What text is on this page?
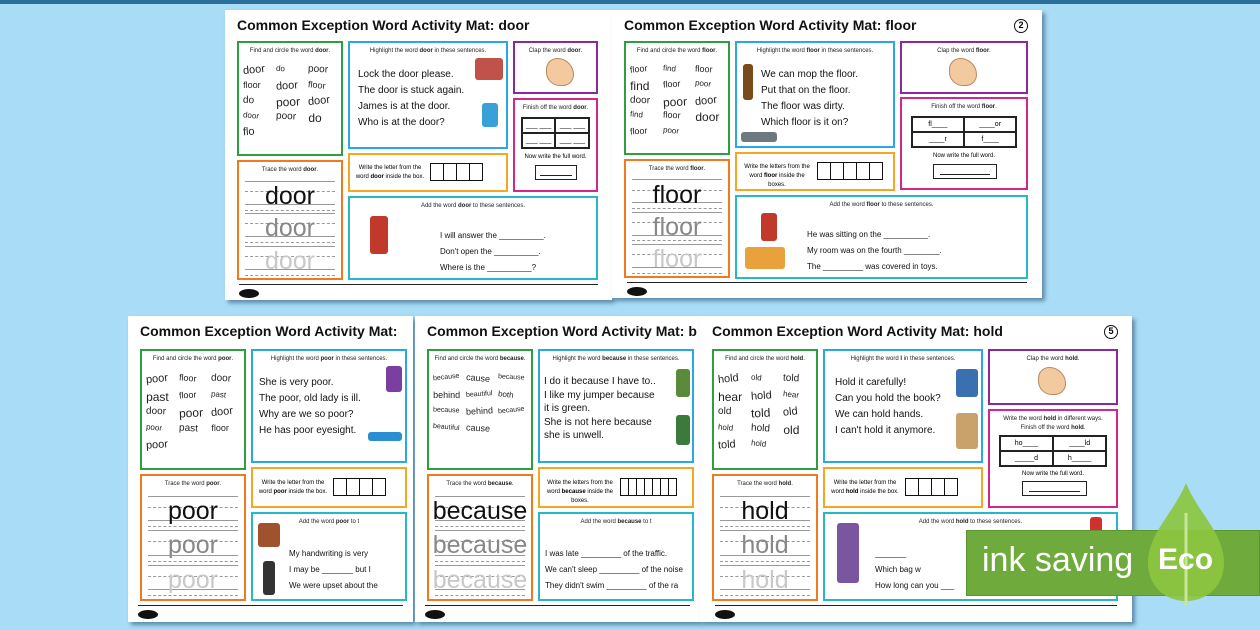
Common Exception Word Activity Mat: door
Find and circle the word door.
door do poor
floor door floor
do poor door
door poor do
flo
Highlight the word door in these sentences.
Lock the door please.
The door is stuck again.
James is at the door.
Who is at the door?
Clap the word door.
___ ___	___ ___
___ ___	___ ___
Finish off the word door.
Now write the full word.
Trace the word door.
door
door
door
Write the letter from the word door inside the box.
Add the word door to these sentences.
I will answer the __________.
Don't open the __________.
Where is the __________?
Common Exception Word Activity Mat: floor	2
Find and circle the word floor.
floor find floor
find floor poor
door poor door
find floor door
floor poor
Highlight the word floor in these sentences.
We can mop the floor.
Put that on the floor.
The floor was dirty.
Which floor is it on?
Clap the word floor.
fl____	____or
____r	f____
Finish off the word floor.
Now write the full word.
Trace the word floor.
floor
floor
floor
Write the letters from the word floor inside the boxes.
Add the word floor to these sentences.
He was sitting on the __________.
My room was on the fourth ________.
The _________ was covered in toys.
Common Exception Word Activity Mat:
Find and circle the word poor.
poor floor door
past floor past
door poor door
poor past floor
poor
Highlight the word poor in these sentences.
She is very poor.
The poor, old lady is ill.
Why are we so poor?
He has poor eyesight.
Trace the word poor.
poor
poor
poor
Write the letter from the word poor inside the box.
Add the word poor to t
My handwriting is very
I may be _______ but I
We were upset about the
Common Exception Word Activity Mat: b
Find and circle the word because.
because cause because
behind beautiful both
because behind because
beautiful cause
Highlight the word because in these sentences.
I do it because I have to..
I like my jumper because
it is green.
She is not here because
she is unwell.
Trace the word because.
because
because
because
Write the letters from the word because inside the boxes.
Add the word because to t
I was late _________ of the traffic.
We can't sleep _________ of the noise
They didn't swim _________ of the ra
Common Exception Word Activity Mat: hold	5
Find and circle the word hold.
hold old told
hear hold hear
old told old
hold hold old
told hold
Highlight the word I in these sentences.
Hold it carefully!
Can you hold the book?
We can hold hands.
I can't hold it anymore.
Clap the word hold.
ho____	____ld
_____d	h_____
Write the word hold in different ways.
Finish off the word hold.
Now write the full word.
Trace the word hold.
hold
hold
hold
Write the letter from the word hold inside the box.
Add the word hold to these sentences.
_______
Which bag w
How long can you ___
ink saving Eco
